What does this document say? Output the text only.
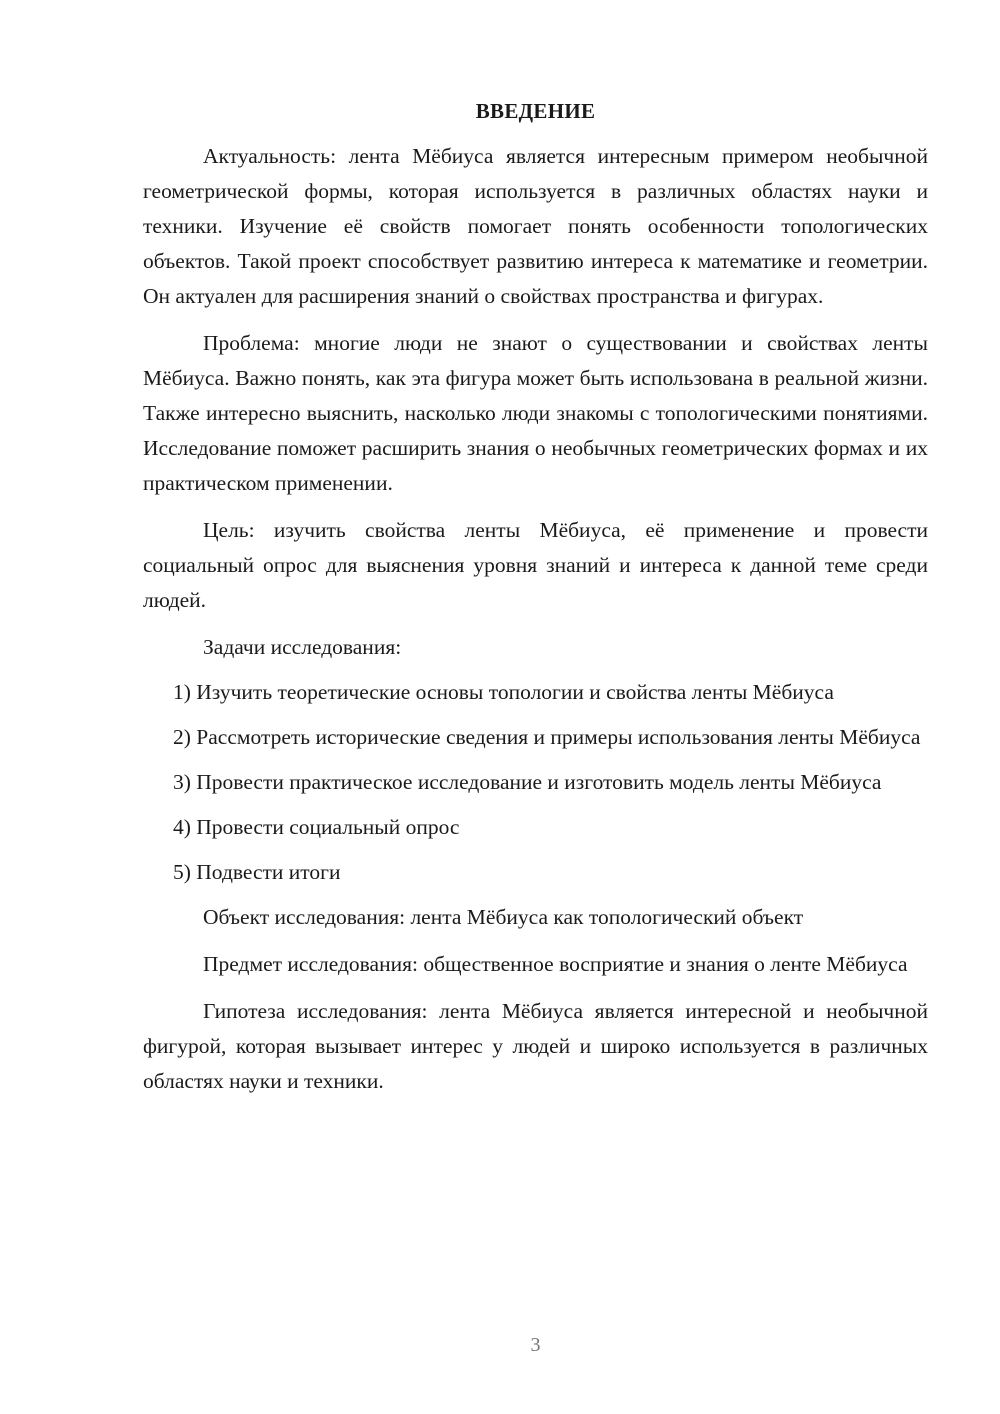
ВВЕДЕНИЕ

Актуальность: лента Мёбиуса является интересным примером необычной геометрической формы, которая используется в различных областях науки и техники. Изучение её свойств помогает понять особенности топологических объектов. Такой проект способствует развитию интереса к математике и геометрии. Он актуален для расширения знаний о свойствах пространства и фигурах.

Проблема: многие люди не знают о существовании и свойствах ленты Мёбиуса. Важно понять, как эта фигура может быть использована в реальной жизни. Также интересно выяснить, насколько люди знакомы с топологическими понятиями. Исследование поможет расширить знания о необычных геометрических формах и их практическом применении.

Цель: изучить свойства ленты Мёбиуса, её применение и провести социальный опрос для выяснения уровня знаний и интереса к данной теме среди людей.

Задачи исследования:

1) Изучить теоретические основы топологии и свойства ленты Мёбиуса

2) Рассмотреть исторические сведения и примеры использования ленты Мёбиуса

3) Провести практическое исследование и изготовить модель ленты Мёбиуса

4) Провести социальный опрос

5) Подвести итоги

Объект исследования: лента Мёбиуса как топологический объект

Предмет исследования: общественное восприятие и знания о ленте Мёбиуса

Гипотеза исследования: лента Мёбиуса является интересной и необычной фигурой, которая вызывает интерес у людей и широко используется в различных областях науки и техники.

3
